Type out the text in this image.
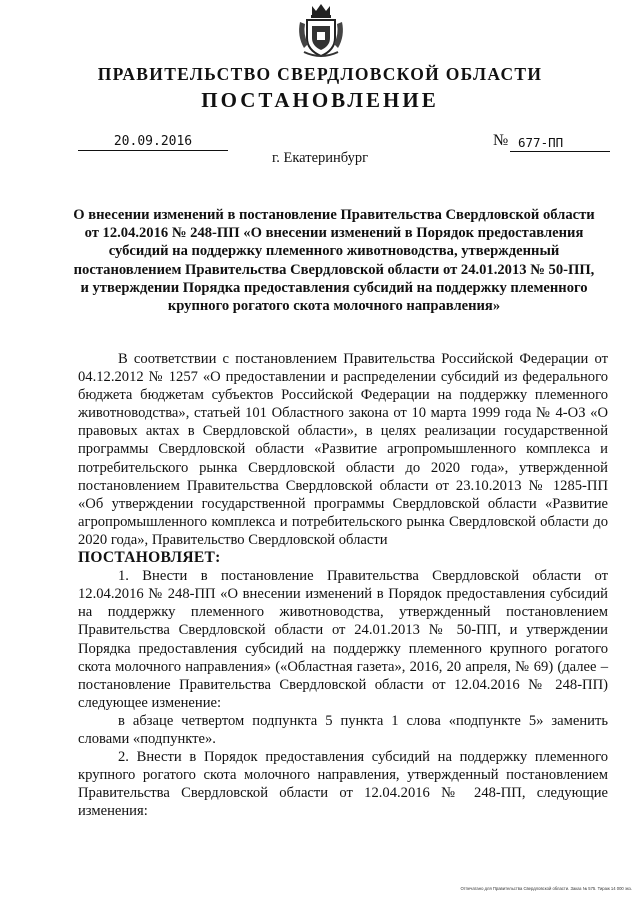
ПРАВИТЕЛЬСТВО СВЕРДЛОВСКОЙ ОБЛАСТИ
ПОСТАНОВЛЕНИЕ
20.09.2016	№ 677-ПП
г. Екатеринбург
О внесении изменений в постановление Правительства Свердловской области от 12.04.2016 № 248-ПП «О внесении изменений в Порядок предоставления субсидий на поддержку племенного животноводства, утвержденный постановлением Правительства Свердловской области от 24.01.2013 № 50-ПП, и утверждении Порядка предоставления субсидий на поддержку племенного крупного рогатого скота молочного направления»

В соответствии с постановлением Правительства Российской Федерации от 04.12.2012 № 1257 «О предоставлении и распределении субсидий из федерального бюджета бюджетам субъектов Российской Федерации на поддержку племенного животноводства», статьей 101 Областного закона от 10 марта 1999 года № 4-ОЗ «О правовых актах в Свердловской области», в целях реализации государственной программы Свердловской области «Развитие агропромышленного комплекса и потребительского рынка Свердловской области до 2020 года», утвержденной постановлением Правительства Свердловской области от 23.10.2013 № 1285-ПП «Об утверждении государственной программы Свердловской области «Развитие агропромышленного комплекса и потребительского рынка Свердловской области до 2020 года», Правительство Свердловской области

ПОСТАНОВЛЯЕТ:

1. Внести в постановление Правительства Свердловской области от 12.04.2016 № 248-ПП «О внесении изменений в Порядок предоставления субсидий на поддержку племенного животноводства, утвержденный постановлением Правительства Свердловской области от 24.01.2013 № 50-ПП, и утверждении Порядка предоставления субсидий на поддержку племенного крупного рогатого скота молочного направления» («Областная газета», 2016, 20 апреля, № 69) (далее – постановление Правительства Свердловской области от 12.04.2016 № 248-ПП) следующее изменение:

в абзаце четвертом подпункта 5 пункта 1 слова «подпункте 5» заменить словами «подпункте».

2. Внести в Порядок предоставления субсидий на поддержку племенного крупного рогатого скота молочного направления, утвержденный постановлением Правительства Свердловской области от 12.04.2016 № 248-ПП, следующие изменения:

Отпечатано для Правительства Свердловской области. Заказ № 575. Тираж 14 000 экз.
